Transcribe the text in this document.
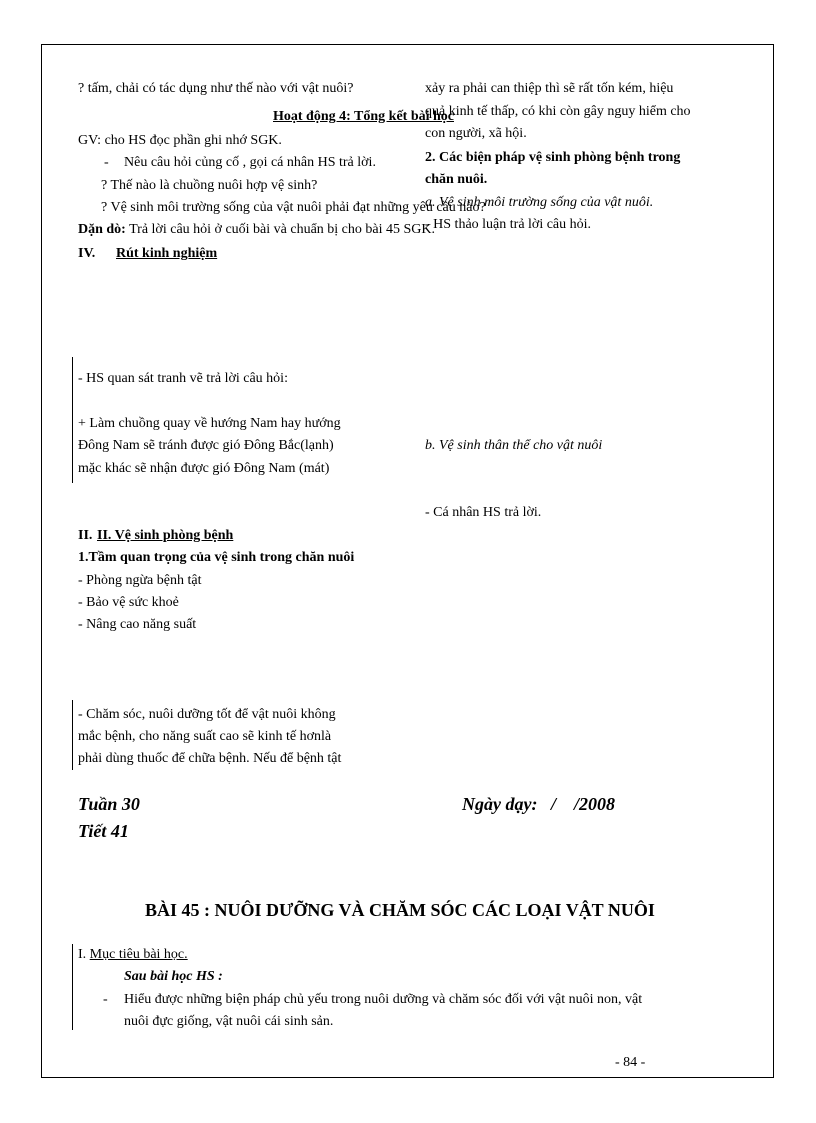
? tấm, chải có tác dụng như thế nào với vật nuôi?
Hoạt động 4: Tổng kết bài học
GV: cho HS đọc phần ghi nhớ SGK.
- Nêu câu hỏi củng cố , gọi cá nhân HS trả lời.
? Thế nào là chuồng nuôi hợp vệ sinh?
? Vệ sinh môi trường sống của vật nuôi phải đạt những yêu cầu nào?
Dặn dò: Trả lời câu hỏi ở cuối bài và chuẩn bị cho bài 45 SGK.
IV. Rút kinh nghiệm
xảy ra phải can thiệp thì sẽ rất tốn kém, hiệu
quả kinh tế thấp, có khi còn gây nguy hiểm cho
con người, xã hội.
2. Các biện pháp vệ sinh phòng bệnh trong
chăn nuôi.
a. Vệ sinh môi trường sống của vật nuôi.
- HS thảo luận trả lời câu hỏi.
- HS quan sát tranh vẽ trả lời câu hỏi:
+ Làm chuồng quay về hướng Nam hay hướng
Đông Nam sẽ tránh được gió Đông Bắc(lạnh)
mặc khác sẽ nhận được gió Đông Nam (mát)
b. Vệ sinh thân thể cho vật nuôi
- Cá nhân HS trả lời.
II. II. Vệ sinh phòng bệnh
1.Tầm quan trọng của vệ sinh trong chăn nuôi
- Phòng ngừa bệnh tật
- Bảo vệ sức khoẻ
- Nâng cao năng suất
- Chăm sóc, nuôi dưỡng tốt để vật nuôi không
mắc bệnh, cho năng suất cao sẽ kinh tế hơnlà
phải dùng thuốc để chữa bệnh. Nếu để bệnh tật
Tuần 30
Tiết 41
Ngày dạy:   /    /2008
BÀI 45 : NUÔI DƯỠNG VÀ CHĂM SÓC CÁC LOẠI VẬT NUÔI
I. Mục tiêu bài học.
Sau bài học HS :
- Hiểu được những biện pháp chủ yếu trong nuôi dưỡng và chăm sóc đối với vật nuôi non, vật
nuôi đực giống, vật nuôi cái sinh sản.
- 84 -
